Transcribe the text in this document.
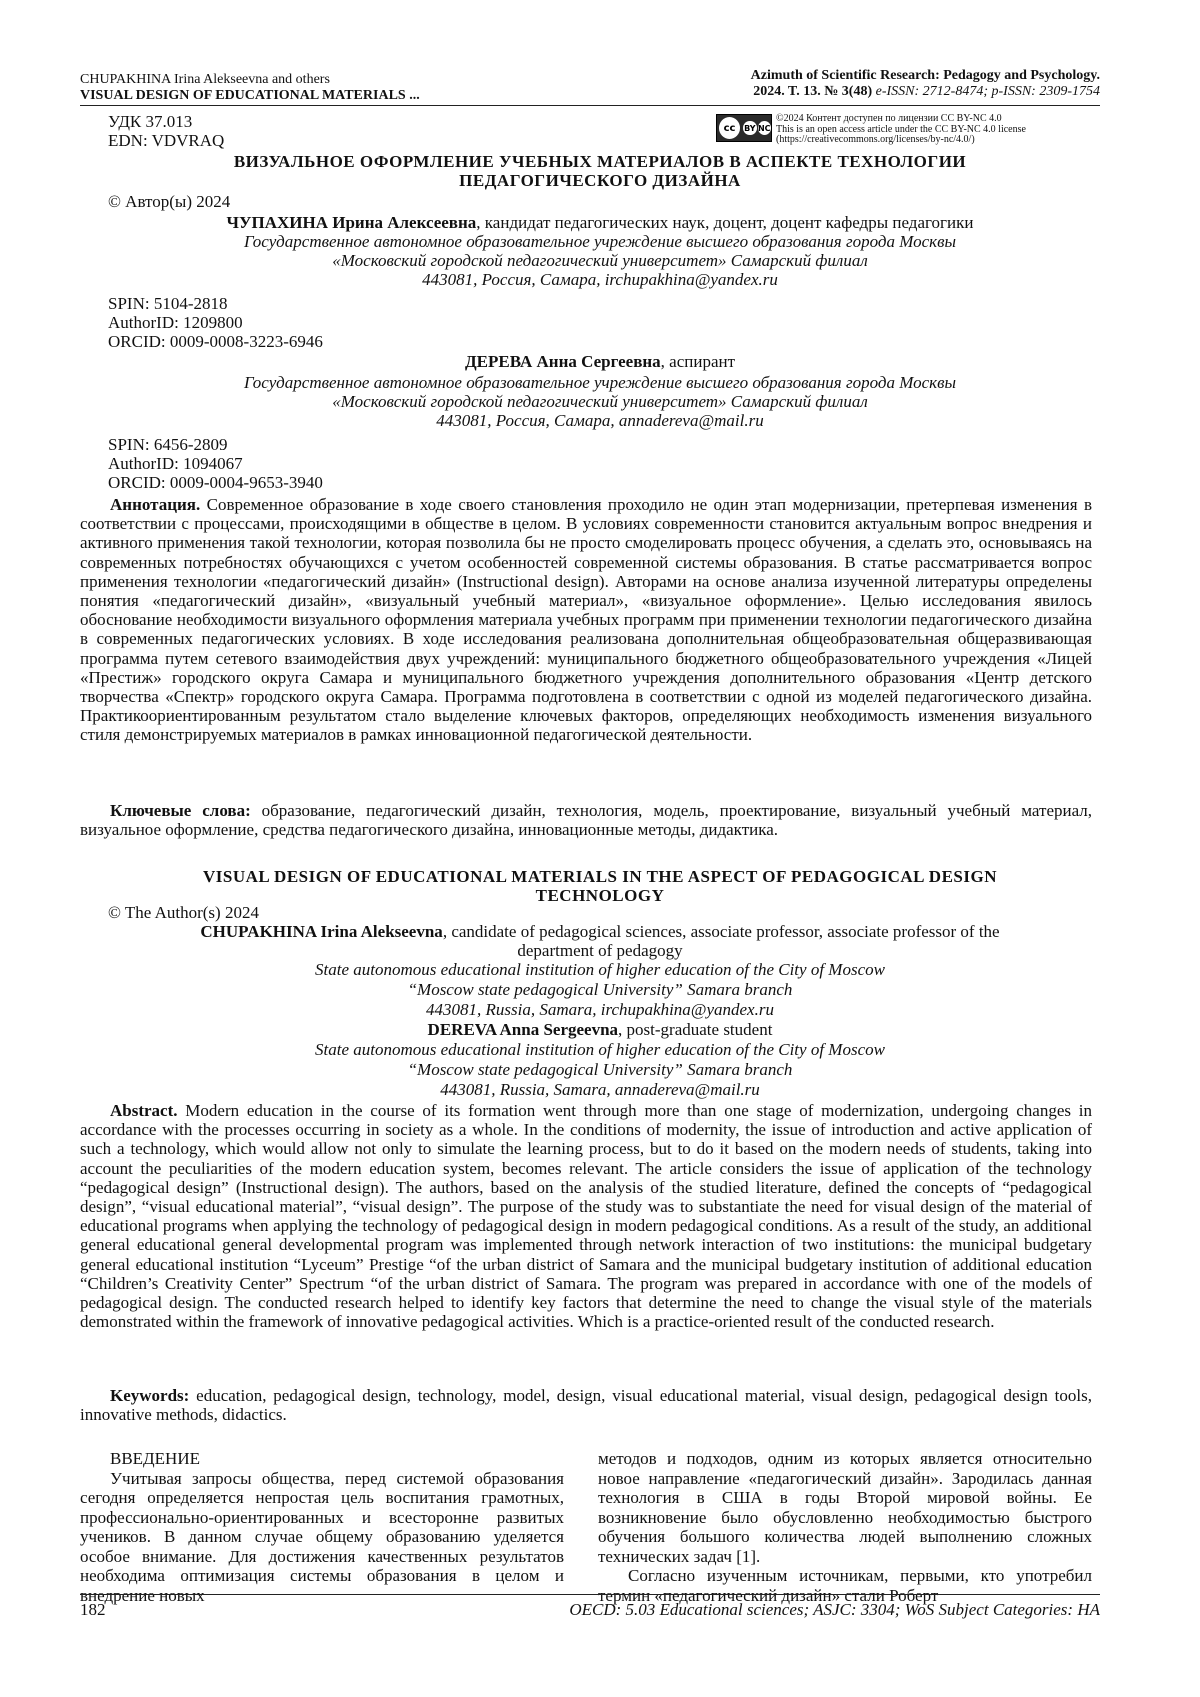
CHUPAKHINA Irina Alekseevna and others
VISUAL DESIGN OF EDUCATIONAL MATERIALS ...
Azimuth of Scientific Research: Pedagogy and Psychology.
2024. T. 13. № 3(48) e-ISSN: 2712-8474; p-ISSN: 2309-1754
УДК 37.013
EDN: VDVRAQ
cc	BY NC
©2024 Контент доступен по лицензии CC BY-NC 4.0
This is an open access article under the CC BY-NC 4.0 license
(https://creativecommons.org/licenses/by-nc/4.0/)
ВИЗУАЛЬНОЕ ОФОРМЛЕНИЕ УЧЕБНЫХ МАТЕРИАЛОВ В АСПЕКТЕ ТЕХНОЛОГИИ
ПЕДАГОГИЧЕСКОГО ДИЗАЙНА
© Автор(ы) 2024
ЧУПАХИНА Ирина Алексеевна, кандидат педагогических наук, доцент, доцент кафедры педагогики
Государственное автономное образовательное учреждение высшего образования города Москвы
«Московский городской педагогический университет» Самарский филиал
443081, Россия, Самара, irchupakhina@yandex.ru
SPIN: 5104-2818
AuthorID: 1209800
ORCID: 0009-0008-3223-6946
ДЕРЕВА Анна Сергеевна, аспирант
Государственное автономное образовательное учреждение высшего образования города Москвы
«Московский городской педагогический университет» Самарский филиал
443081, Россия, Самара, annadereva@mail.ru
SPIN: 6456-2809
AuthorID: 1094067
ORCID: 0009-0004-9653-3940
Аннотация. Современное образование в ходе своего становления проходило не один этап модернизации, претерпевая изменения в соответствии с процессами, происходящими в обществе в целом. В условиях современности становится актуальным вопрос внедрения и активного применения такой технологии, которая позволила бы не просто смоделировать процесс обучения, а сделать это, основываясь на современных потребностях обучающихся с учетом особенностей современной системы образования. В статье рассматривается вопрос применения технологии «педагогический дизайн» (Instructional design). Авторами на основе анализа изученной литературы определены понятия «педагогический дизайн», «визуальный учебный материал», «визуальное оформление». Целью исследования явилось обоснование необходимости визуального оформления материала учебных программ при применении технологии педагогического дизайна в современных педагогических условиях. В ходе исследования реализована дополнительная общеобразовательная общеразвивающая программа путем сетевого взаимодействия двух учреждений: муниципального бюджетного общеобразовательного учреждения «Лицей «Престиж» городского округа Самара и муниципального бюджетного учреждения дополнительного образования «Центр детского творчества «Спектр» городского округа Самара. Программа подготовлена в соответствии с одной из моделей педагогического дизайна. Практикоориентированным результатом стало выделение ключевых факторов, определяющих необходимость изменения визуального стиля демонстрируемых материалов в рамках инновационной педагогической деятельности.
Ключевые слова: образование, педагогический дизайн, технология, модель, проектирование, визуальный учебный материал, визуальное оформление, средства педагогического дизайна, инновационные методы, дидактика.
VISUAL DESIGN OF EDUCATIONAL MATERIALS IN THE ASPECT OF PEDAGOGICAL DESIGN
TECHNOLOGY
© The Author(s) 2024
CHUPAKHINA Irina Alekseevna, candidate of pedagogical sciences, associate professor, associate professor of the
department of pedagogy
State autonomous educational institution of higher education of the City of Moscow
“Moscow state pedagogical University” Samara branch
443081, Russia, Samara, irchupakhina@yandex.ru
DEREVA Anna Sergeevna, post-graduate student
State autonomous educational institution of higher education of the City of Moscow
“Moscow state pedagogical University” Samara branch
443081, Russia, Samara, annadereva@mail.ru
Abstract. Modern education in the course of its formation went through more than one stage of modernization, undergoing changes in accordance with the processes occurring in society as a whole. In the conditions of modernity, the issue of introduction and active application of such a technology, which would allow not only to simulate the learning process, but to do it based on the modern needs of students, taking into account the peculiarities of the modern education system, becomes relevant. The article considers the issue of application of the technology “pedagogical design” (Instructional design). The authors, based on the analysis of the studied literature, defined the concepts of “pedagogical design”, “visual educational material”, “visual design”. The purpose of the study was to substantiate the need for visual design of the material of educational programs when applying the technology of pedagogical design in modern pedagogical conditions. As a result of the study, an additional general educational general developmental program was implemented through network interaction of two institutions: the municipal budgetary general educational institution “Lyceum” Prestige “of the urban district of Samara and the municipal budgetary institution of additional education “Children’s Creativity Center” Spectrum “of the urban district of Samara. The program was prepared in accordance with one of the models of pedagogical design. The conducted research helped to identify key factors that determine the need to change the visual style of the materials demonstrated within the framework of innovative pedagogical activities. Which is a practice-oriented result of the conducted research.
Keywords: education, pedagogical design, technology, model, design, visual educational material, visual design, pedagogical design tools, innovative methods, didactics.
ВВЕДЕНИЕ
Учитывая запросы общества, перед системой образования сегодня определяется непростая цель воспитания грамотных, профессионально-ориентированных и всесторонне развитых учеников. В данном случае общему образованию уделяется особое внимание. Для достижения качественных результатов необходима оптимизация системы образования в целом и внедрение новых
методов и подходов, одним из которых является относительно новое направление «педагогический дизайн». Зародилась данная технология в США в годы Второй мировой войны. Ее возникновение было обусловленно необходимостью быстрого обучения большого количества людей выполнению сложных технических задач [1].
Согласно изученным источникам, первыми, кто употребил термин «педагогический дизайн» стали Роберт
182	OECD: 5.03 Educational sciences; ASJC: 3304; WoS Subject Categories: HA
